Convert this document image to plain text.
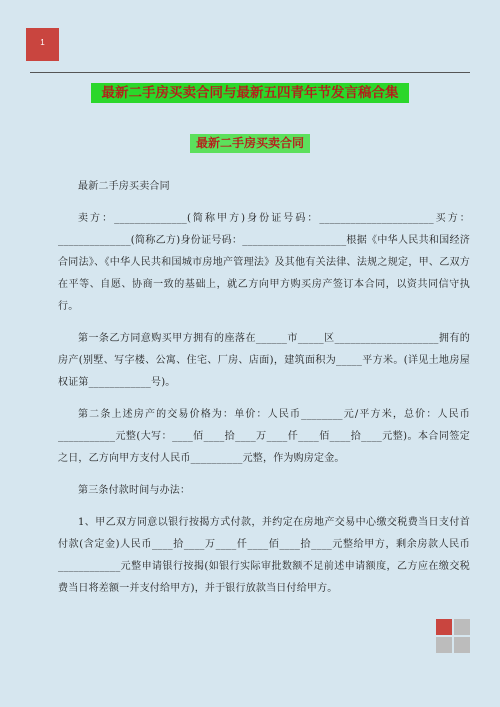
1
最新二手房买卖合同与最新五四青年节发言稿合集
最新二手房买卖合同

最新二手房买卖合同

卖方：______________(简称甲方)身份证号码：______________________买方：______________(简称乙方)身份证号码：____________________根据《中华人民共和国经济合同法》、《中华人民共和国城市房地产管理法》及其他有关法律、法规之规定，甲、乙双方在平等、自愿、协商一致的基础上，就乙方向甲方购买房产签订本合同，以资共同信守执行。

第一条乙方同意购买甲方拥有的座落在______市_____区____________________拥有的房产(别墅、写字楼、公寓、住宅、厂房、店面)，建筑面积为_____平方米。(详见土地房屋权证第____________号)。

第二条上述房产的交易价格为：单价：人民币________元/平方米，总价：人民币___________元整(大写：____佰____拾____万____仟____佰____拾____元整)。本合同签定之日，乙方向甲方支付人民币__________元整，作为购房定金。

第三条付款时间与办法：

1、甲乙双方同意以银行按揭方式付款，并约定在房地产交易中心缴交税费当日支付首付款(含定金)人民币____拾____万____仟____佰____拾____元整给甲方，剩余房款人民币____________元整申请银行按揭(如银行实际审批数额不足前述申请额度，乙方应在缴交税费当日将差额一并支付给甲方)，并于银行放款当日付给甲方。
